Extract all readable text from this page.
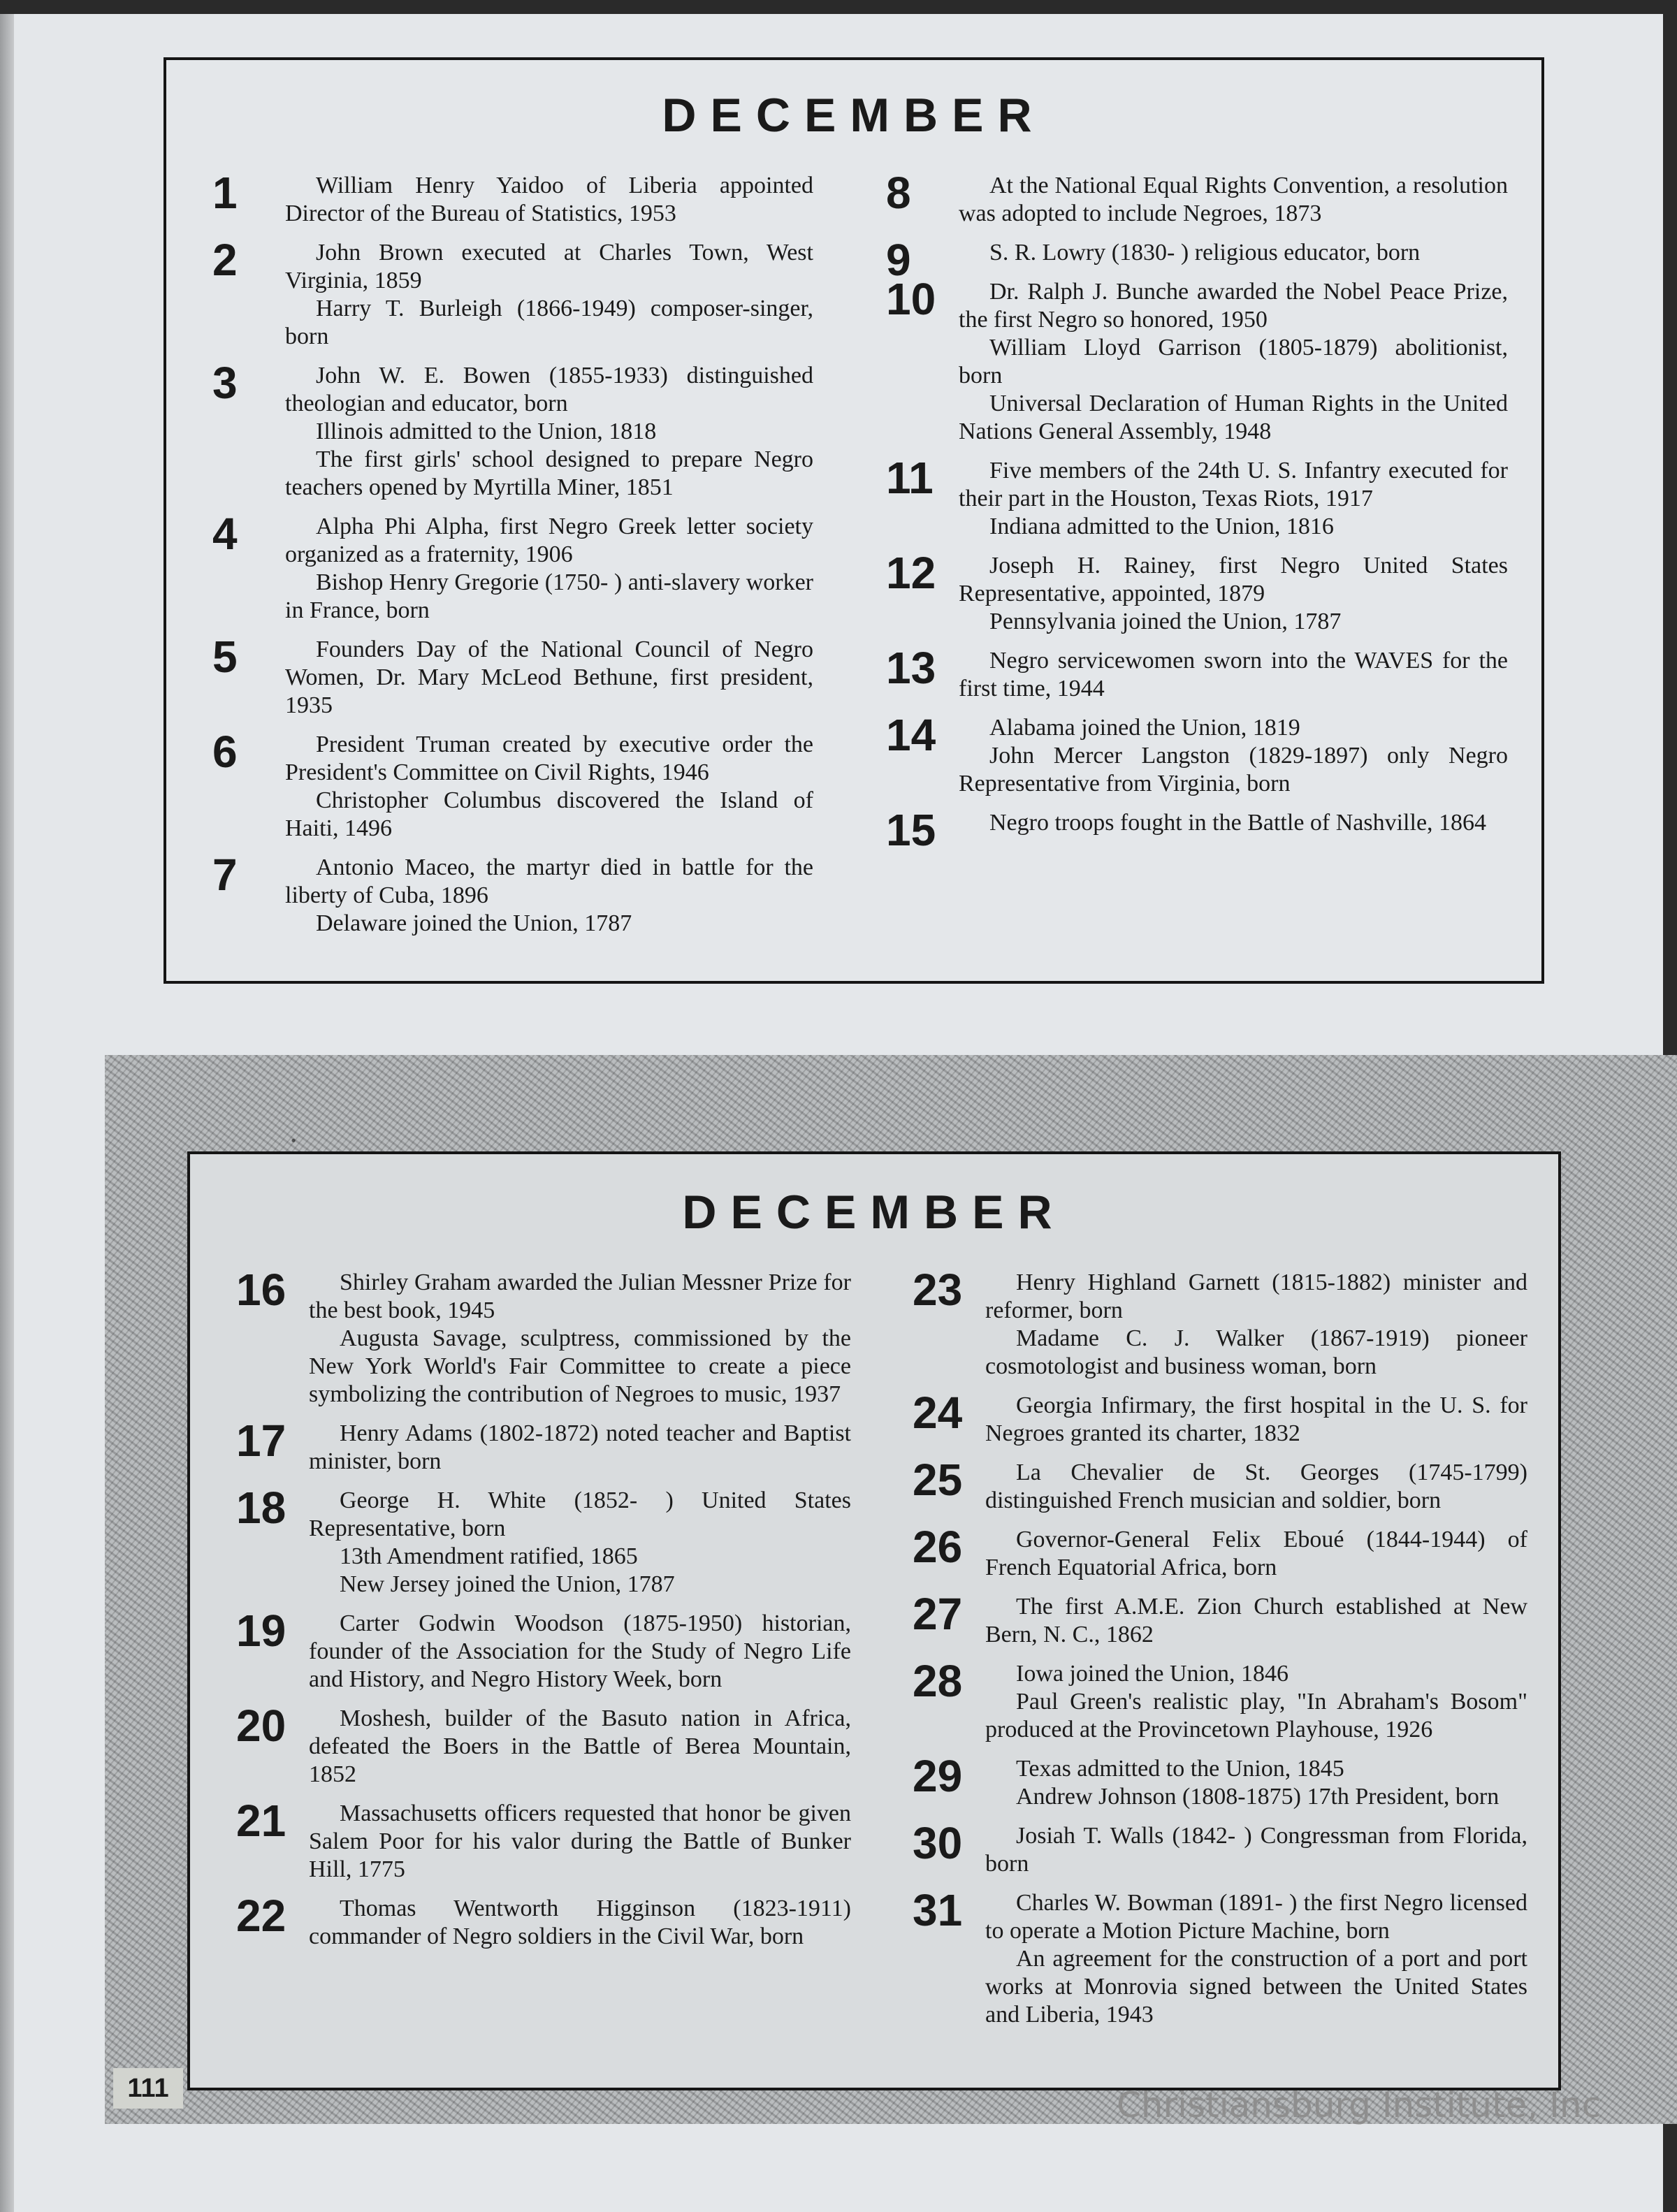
DECEMBER
1	William Henry Yaidoo of Liberia appointed Director of the Bureau of Statistics, 1953

2	John Brown executed at Charles Town, West Virginia, 1859

Harry T. Burleigh (1866-1949) composer-singer, born

3	John W. E. Bowen (1855-1933) distinguished theologian and educator, born

Illinois admitted to the Union, 1818

The first girls' school designed to prepare Negro teachers opened by Myrtilla Miner, 1851

4	Alpha Phi Alpha, first Negro Greek letter society organized as a fraternity, 1906

Bishop Henry Gregorie (1750- ) anti-slavery worker in France, born

5	Founders Day of the National Council of Negro Women, Dr. Mary McLeod Bethune, first president, 1935

6	President Truman created by executive order the President's Committee on Civil Rights, 1946

Christopher Columbus discovered the Island of Haiti, 1496

7	Antonio Maceo, the martyr died in battle for the liberty of Cuba, 1896

Delaware joined the Union, 1787

8	At the National Equal Rights Convention, a resolution was adopted to include Negroes, 1873

9	S. R. Lowry (1830- ) religious educator, born

10	Dr. Ralph J. Bunche awarded the Nobel Peace Prize, the first Negro so honored, 1950

William Lloyd Garrison (1805-1879) abolitionist, born

Universal Declaration of Human Rights in the United Nations General Assembly, 1948

11	Five members of the 24th U. S. Infantry executed for their part in the Houston, Texas Riots, 1917

Indiana admitted to the Union, 1816

12	Joseph H. Rainey, first Negro United States Representative, appointed, 1879

Pennsylvania joined the Union, 1787

13	Negro servicewomen sworn into the WAVES for the first time, 1944

14	Alabama joined the Union, 1819

John Mercer Langston (1829-1897) only Negro Representative from Virginia, born

15	Negro troops fought in the Battle of Nashville, 1864

DECEMBER
16	Shirley Graham awarded the Julian Messner Prize for the best book, 1945

Augusta Savage, sculptress, commissioned by the New York World's Fair Committee to create a piece symbolizing the contribution of Negroes to music, 1937

17	Henry Adams (1802-1872) noted teacher and Baptist minister, born

18	George H. White (1852- ) United States Representative, born

13th Amendment ratified, 1865

New Jersey joined the Union, 1787

19	Carter Godwin Woodson (1875-1950) historian, founder of the Association for the Study of Negro Life and History, and Negro History Week, born

20	Moshesh, builder of the Basuto nation in Africa, defeated the Boers in the Battle of Berea Mountain, 1852

21	Massachusetts officers requested that honor be given Salem Poor for his valor during the Battle of Bunker Hill, 1775

22	Thomas Wentworth Higginson (1823-1911) commander of Negro soldiers in the Civil War, born

23	Henry Highland Garnett (1815-1882) minister and reformer, born

Madame C. J. Walker (1867-1919) pioneer cosmotologist and business woman, born

24	Georgia Infirmary, the first hospital in the U. S. for Negroes granted its charter, 1832

25	La Chevalier de St. Georges (1745-1799) distinguished French musician and soldier, born

26	Governor-General Felix Eboué (1844-1944) of French Equatorial Africa, born

27	The first A.M.E. Zion Church established at New Bern, N. C., 1862

28	Iowa joined the Union, 1846

Paul Green's realistic play, "In Abraham's Bosom" produced at the Provincetown Playhouse, 1926

29	Texas admitted to the Union, 1845

Andrew Johnson (1808-1875) 17th President, born

30	Josiah T. Walls (1842- ) Congressman from Florida, born

31	Charles W. Bowman (1891- ) the first Negro licensed to operate a Motion Picture Machine, born

An agreement for the construction of a port and port works at Monrovia signed between the United States and Liberia, 1943

111	Christiansburg Institute, Inc
